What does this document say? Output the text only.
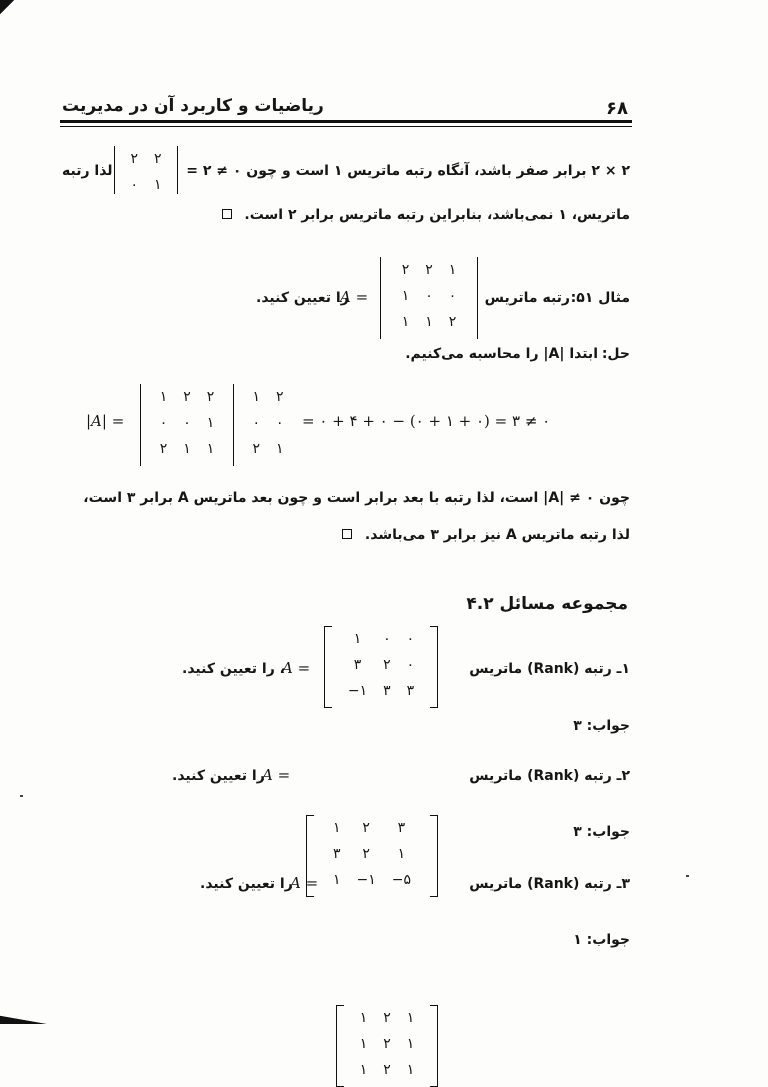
۶۸
ریاضیات و کاربرد آن در مدیریت
۲ × ۲ برابر صفر باشد، آنگاه رتبه ماتریس ۱ است و چون ۰ ≠ ۲ =
۲	۲
۰	۱
لذا رتبه
ماتریس، ۱ نمی‌باشد، بنابراین رتبه ماتریس برابر ۲ است.
مثال ۵۱:
رتبه ماتریس
۲	۲	۱
۱	۰	۰
۱	۱	۲
A =
را تعیین کنید.
حل:
ابتدا |A| را محاسبه می‌کنیم.
|A| =
۱	۲	۲
۰	۰	۱
۲	۱	۱
۱	۲
۰	۰
۲	۱
= ۰ + ۴ + ۰ − (۰ + ۱ + ۰) = ۳ ≠ ۰
چون ۰ ≠ |A| است، لذا رتبه با بعد برابر است و چون بعد ماتریس A برابر ۳ است،
لذا رتبه ماتریس A نیز برابر ۳ می‌باشد.
مجموعه مسائل ۴.۲
۱ـ رتبه (Rank) ماتریس
۱	۰	۰
۳	۲	۰
−۱	۳	۳
A =
، را تعیین کنید.
جواب: ۳
۲ـ رتبه (Rank) ماتریس
۱	۲	۳
۳	۲	۱
۱	−۱	−۵
A =
را تعیین کنید.
جواب: ۳
۳ـ رتبه (Rank) ماتریس
۱	۲	۱
۱	۲	۱
۱	۲	۱
A =
را تعیین کنید.
جواب: ۱
